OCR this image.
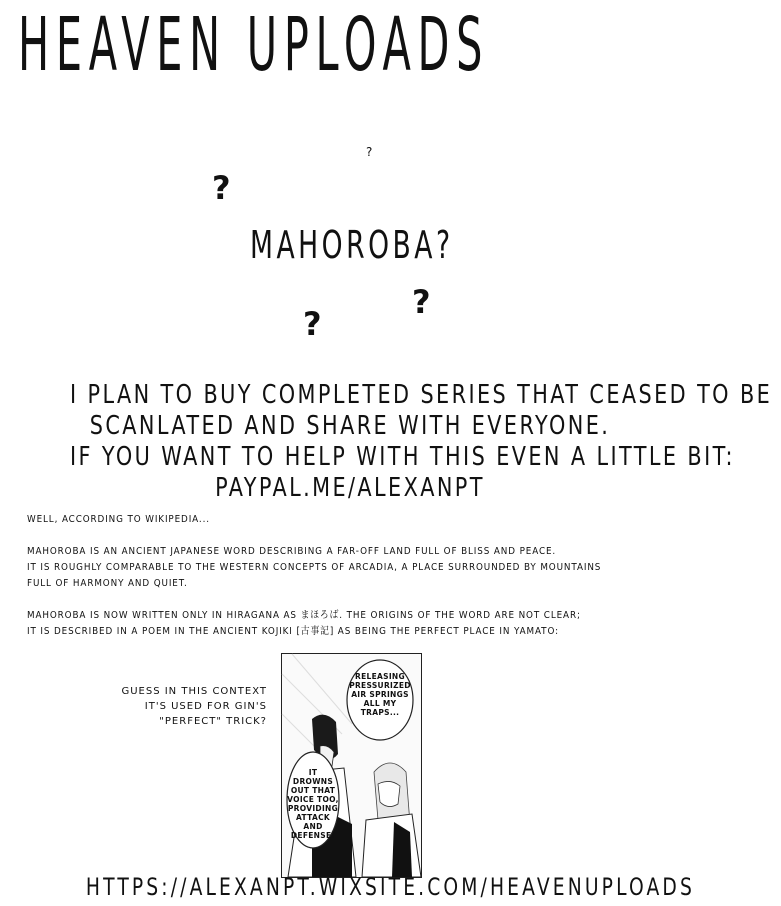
HEAVEN UPLOADS
?
?
MAHOROBA?
?
?
I PLAN TO BUY COMPLETED SERIES THAT CEASED TO BE
SCANLATED AND SHARE WITH EVERYONE.
IF YOU WANT TO HELP WITH THIS EVEN A LITTLE BIT:
PAYPAL.ME/ALEXANPT
WELL, ACCORDING TO WIKIPEDIA...
MAHOROBA IS AN ANCIENT JAPANESE WORD DESCRIBING A FAR-OFF LAND FULL OF BLISS AND PEACE.
IT IS ROUGHLY COMPARABLE TO THE WESTERN CONCEPTS OF ARCADIA, A PLACE SURROUNDED BY MOUNTAINS
FULL OF HARMONY AND QUIET.
MAHOROBA IS NOW WRITTEN ONLY IN HIRAGANA AS まほろば. THE ORIGINS OF THE WORD ARE NOT CLEAR;
IT IS DESCRIBED IN A POEM IN THE ANCIENT KOJIKI [古事記] AS BEING THE PERFECT PLACE IN YAMATO:
GUESS IN THIS CONTEXT
IT'S USED FOR GIN'S
"PERFECT" TRICK?
RELEASING
PRESSURIZED
AIR SPRINGS
ALL MY
TRAPS...
IT
DROWNS
OUT THAT
VOICE TOO,
PROVIDING
ATTACK AND
DEFENSE!
HTTPS://ALEXANPT.WIXSITE.COM/HEAVENUPLOADS
